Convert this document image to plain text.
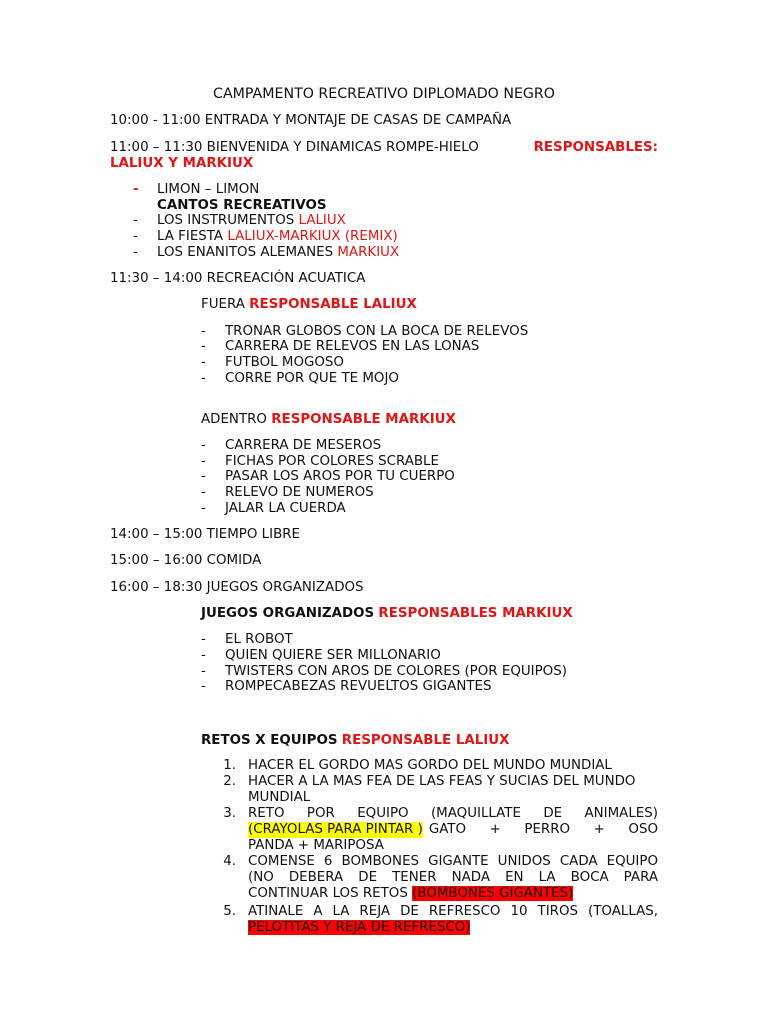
CAMPAMENTO RECREATIVO DIPLOMADO NEGRO
10:00 - 11:00 ENTRADA Y MONTAJE DE CASAS DE CAMPAÑA
11:00 – 11:30 BIENVENIDA Y DINAMICAS ROMPE-HIELO	RESPONSABLES:
LALIUX Y MARKIUX
- LIMON – LIMON
CANTOS RECREATIVOS
- LOS INSTRUMENTOS LALIUX
- LA FIESTA LALIUX-MARKIUX (REMIX)
- LOS ENANITOS ALEMANES MARKIUX
11:30 – 14:00 RECREACIÓN ACUATICA
FUERA RESPONSABLE LALIUX
- TRONAR GLOBOS CON LA BOCA DE RELEVOS
- CARRERA DE RELEVOS EN LAS LONAS
- FUTBOL MOGOSO
- CORRE POR QUE TE MOJO
ADENTRO RESPONSABLE MARKIUX
- CARRERA DE MESEROS
- FICHAS POR COLORES SCRABLE
- PASAR LOS AROS POR TU CUERPO
- RELEVO DE NUMEROS
- JALAR LA CUERDA
14:00 – 15:00 TIEMPO LIBRE
15:00 – 16:00 COMIDA
16:00 – 18:30 JUEGOS ORGANIZADOS
JUEGOS ORGANIZADOS RESPONSABLES MARKIUX
- EL ROBOT
- QUIEN QUIERE SER MILLONARIO
- TWISTERS CON AROS DE COLORES (POR EQUIPOS)
- ROMPECABEZAS REVUELTOS GIGANTES
RETOS X EQUIPOS RESPONSABLE LALIUX
1. HACER EL GORDO MAS GORDO DEL MUNDO MUNDIAL
2. HACER A LA MAS FEA DE LAS FEAS Y SUCIAS DEL MUNDO
MUNDIAL
3. RETO POR EQUIPO (MAQUILLATE DE ANIMALES)
(CRAYOLAS PARA PINTAR ) GATO + PERRO + OSO
PANDA + MARIPOSA
4. COMENSE 6 BOMBONES GIGANTE UNIDOS CADA EQUIPO
(NO DEBERA DE TENER NADA EN LA BOCA PARA
CONTINUAR LOS RETOS (BOMBONES GIGANTES)
5. ATINALE A LA REJA DE REFRESCO 10 TIROS (TOALLAS,
PELOTITAS Y REJA DE REFRESCO)
